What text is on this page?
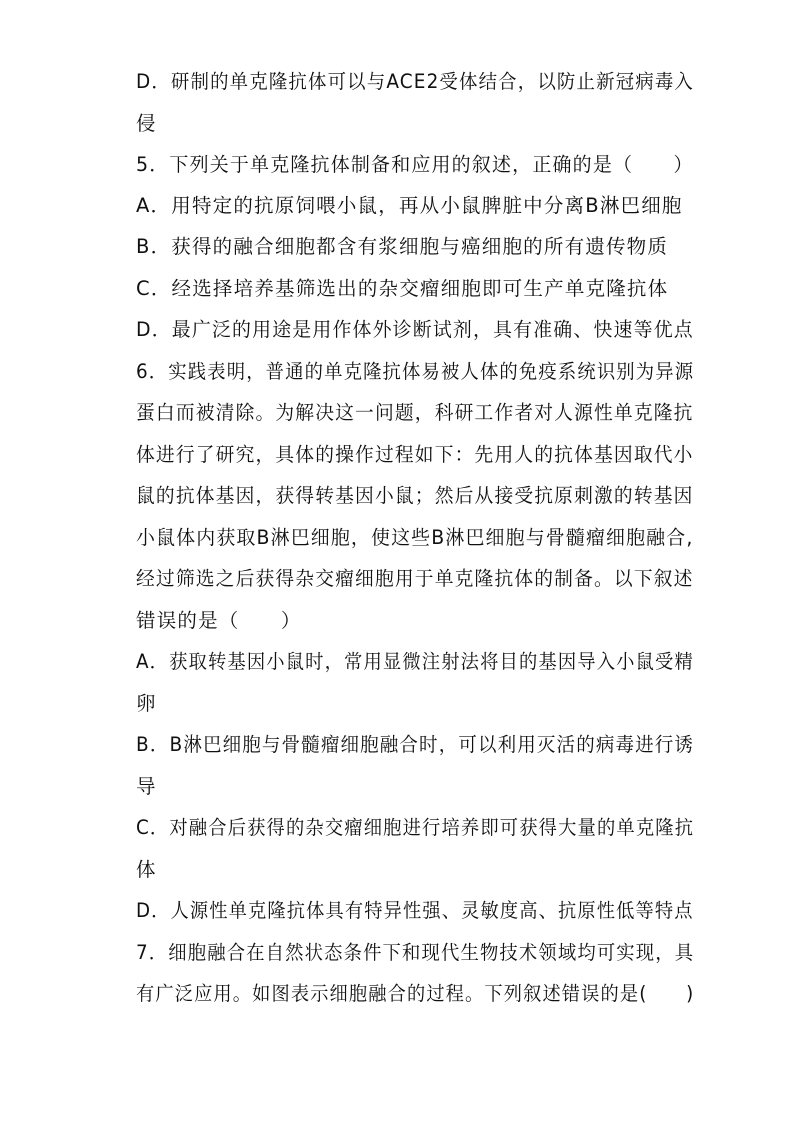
D．研制的单克隆抗体可以与ACE2受体结合，以防止新冠病毒入
侵
5．下列关于单克隆抗体制备和应用的叙述，正确的是（　　）
A．用特定的抗原饲喂小鼠，再从小鼠脾脏中分离B淋巴细胞
B．获得的融合细胞都含有浆细胞与癌细胞的所有遗传物质
C．经选择培养基筛选出的杂交瘤细胞即可生产单克隆抗体
D．最广泛的用途是用作体外诊断试剂，具有准确、快速等优点
6．实践表明，普通的单克隆抗体易被人体的免疫系统识别为异源
蛋白而被清除。为解决这一问题，科研工作者对人源性单克隆抗
体进行了研究，具体的操作过程如下：先用人的抗体基因取代小
鼠的抗体基因，获得转基因小鼠；然后从接受抗原刺激的转基因
小鼠体内获取B淋巴细胞，使这些B淋巴细胞与骨髓瘤细胞融合,
经过筛选之后获得杂交瘤细胞用于单克隆抗体的制备。以下叙述
错误的是（　　）
A．获取转基因小鼠时，常用显微注射法将目的基因导入小鼠受精
卵
B．B淋巴细胞与骨髓瘤细胞融合时，可以利用灭活的病毒进行诱
导
C．对融合后获得的杂交瘤细胞进行培养即可获得大量的单克隆抗
体
D．人源性单克隆抗体具有特异性强、灵敏度高、抗原性低等特点
7．细胞融合在自然状态条件下和现代生物技术领域均可实现，具
有广泛应用。如图表示细胞融合的过程。下列叙述错误的是(　　)
